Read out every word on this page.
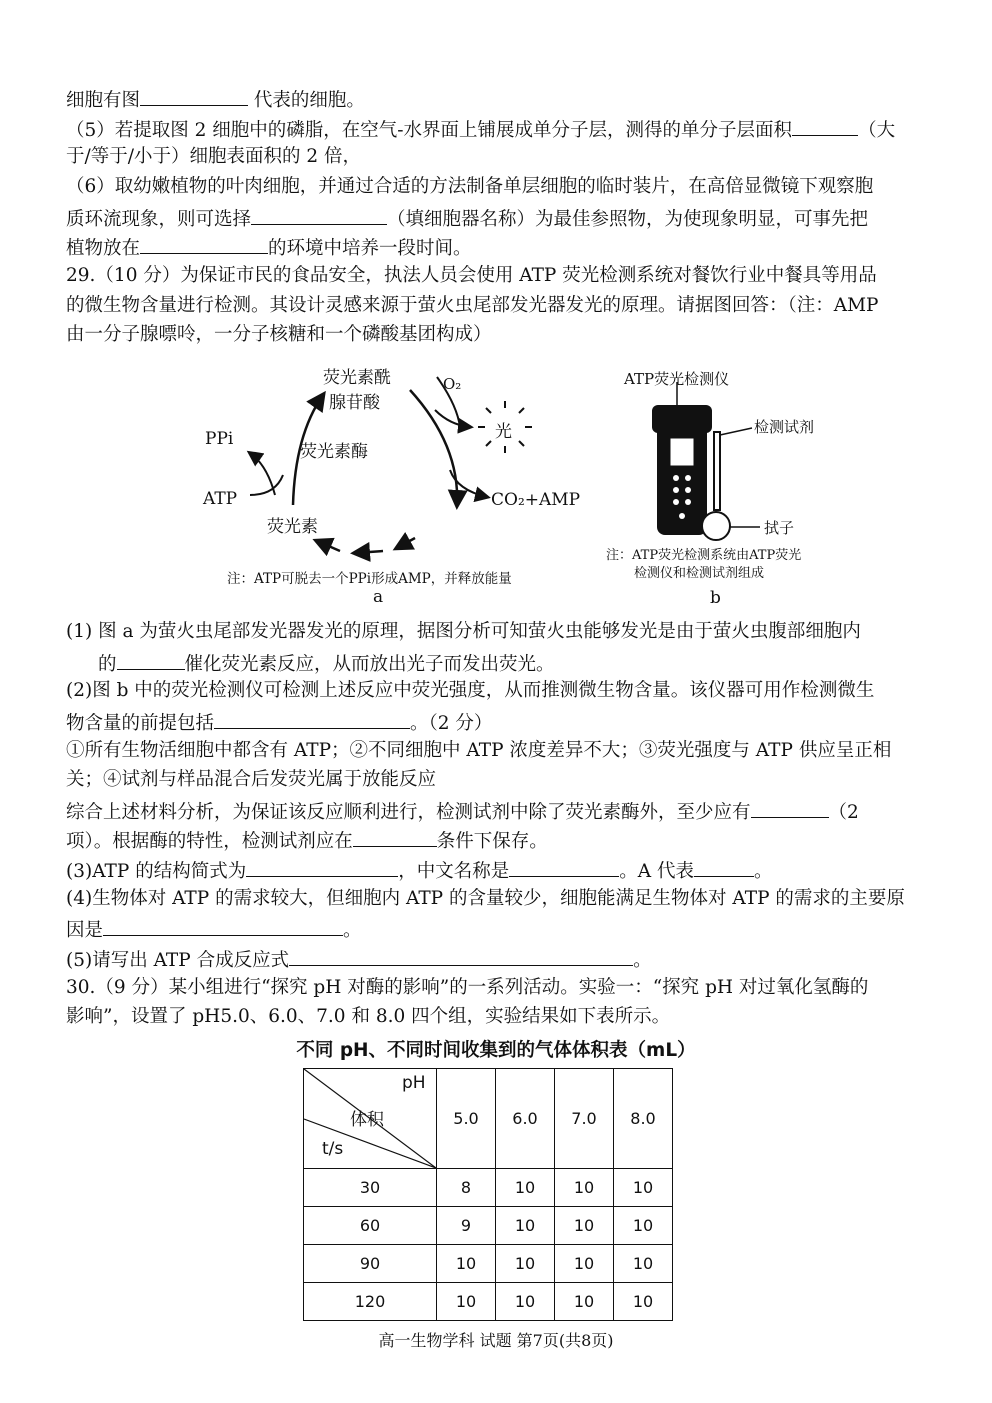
细胞有图	代表的细胞。
（5）若提取图 2 细胞中的磷脂，在空气-水界面上铺展成单分子层，测得的单分子层面积	（大
于/等于/小于）细胞表面积的 2 倍，
（6）取幼嫩植物的叶肉细胞，并通过合适的方法制备单层细胞的临时装片，在高倍显微镜下观察胞
质环流现象，则可选择	（填细胞器名称）为最佳参照物，为使现象明显，可事先把
植物放在	的环境中培养一段时间。
29.（10 分）为保证市民的食品安全，执法人员会使用 ATP 荧光检测系统对餐饮行业中餐具等用品
的微生物含量进行检测。其设计灵感来源于萤火虫尾部发光器发光的原理。请据图回答：（注：AMP
由一分子腺嘌呤，一分子核糖和一个磷酸基团构成）
荧光素酰
腺苷酸
O₂
光
PPi
荧光素酶
ATP	CO₂+AMP
荧光素
注：ATP可脱去一个PPi形成AMP，并释放能量
a
ATP荧光检测仪
检测试剂
拭子
注：ATP荧光检测系统由ATP荧光
检测仪和检测试剂组成
b
(1) 图 a 为萤火虫尾部发光器发光的原理，据图分析可知萤火虫能够发光是由于萤火虫腹部细胞内
的	催化荧光素反应，从而放出光子而发出荧光。
(2)图 b 中的荧光检测仪可检测上述反应中荧光强度，从而推测微生物含量。该仪器可用作检测微生
物含量的前提包括	。（2 分）
①所有生物活细胞中都含有 ATP；②不同细胞中 ATP 浓度差异不大；③荧光强度与 ATP 供应呈正相
关；④试剂与样品混合后发荧光属于放能反应
综合上述材料分析，为保证该反应顺利进行，检测试剂中除了荧光素酶外，至少应有	（2
项）。根据酶的特性，检测试剂应在	条件下保存。
(3)ATP 的结构简式为	，中文名称是	。A 代表	。
(4)生物体对 ATP 的需求较大，但细胞内 ATP 的含量较少，细胞能满足生物体对 ATP 的需求的主要原
因是	。
(5)请写出 ATP 合成反应式	。
30.（9 分）某小组进行“探究 pH 对酶的影响”的一系列活动。实验一：“探究 pH 对过氧化氢酶的
影响”，设置了 pH5.0、6.0、7.0 和 8.0 四个组，实验结果如下表所示。
不同 pH、不同时间收集到的气体体积表（mL）
pH
体积
t/s	5.0	6.0	7.0	8.0
30	8	10	10	10
60	9	10	10	10
90	10	10	10	10
120	10	10	10	10
高一生物学科 试题 第7页(共8页)
